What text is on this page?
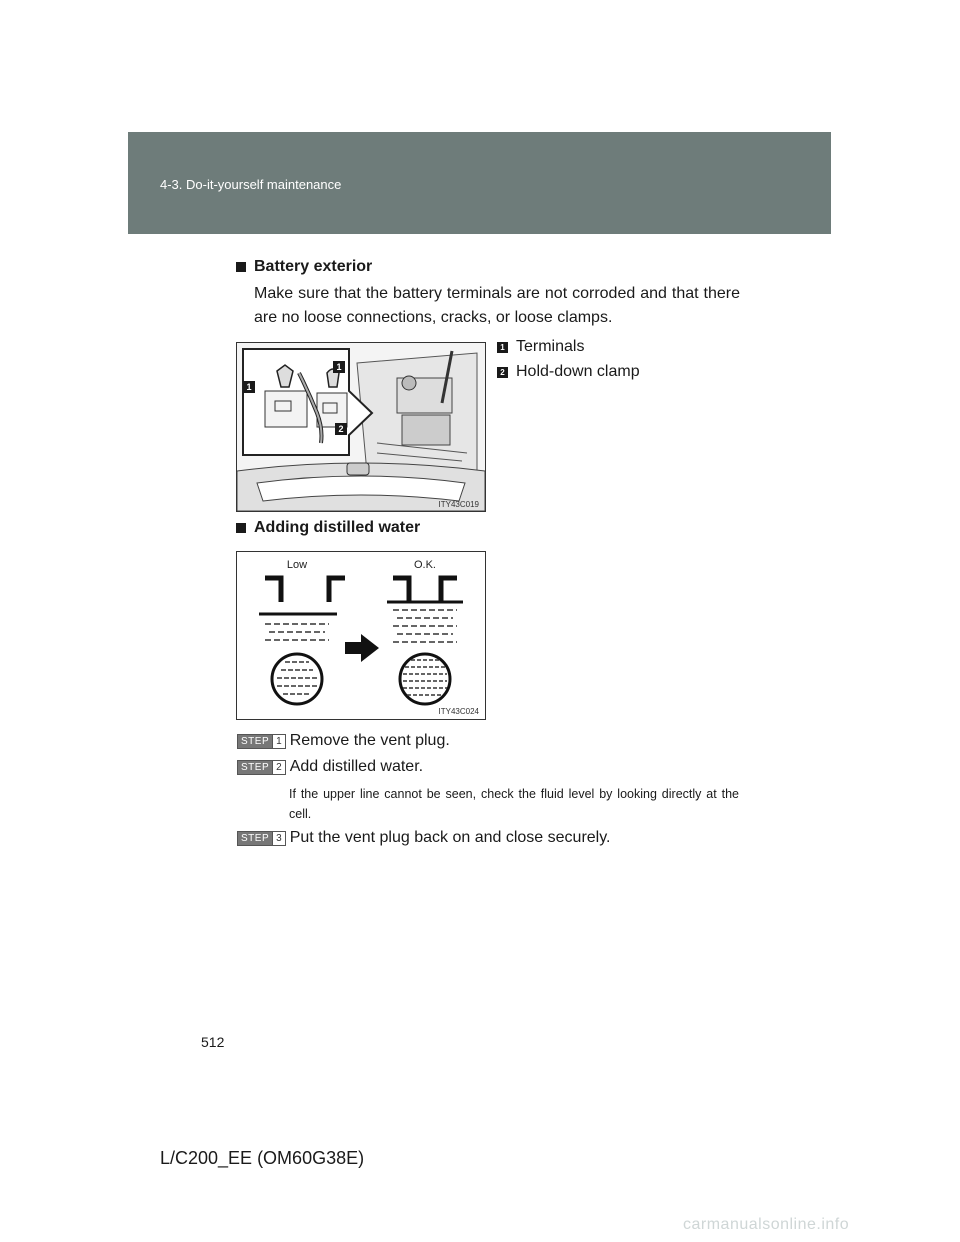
4-3. Do-it-yourself maintenance
Battery exterior
Make sure that the battery terminals are not corroded and that there are no loose connections, cracks, or loose clamps.
1
1
2
ITY43C019
1 Terminals
2 Hold-down clamp
Adding distilled water
Low	O.K.
ITY43C024
STEP 1 Remove the vent plug.
STEP 2 Add distilled water.
If the upper line cannot be seen, check the fluid level by looking directly at the cell.
STEP 3 Put the vent plug back on and close securely.
512
L/C200_EE (OM60G38E)
carmanualsonline.info
